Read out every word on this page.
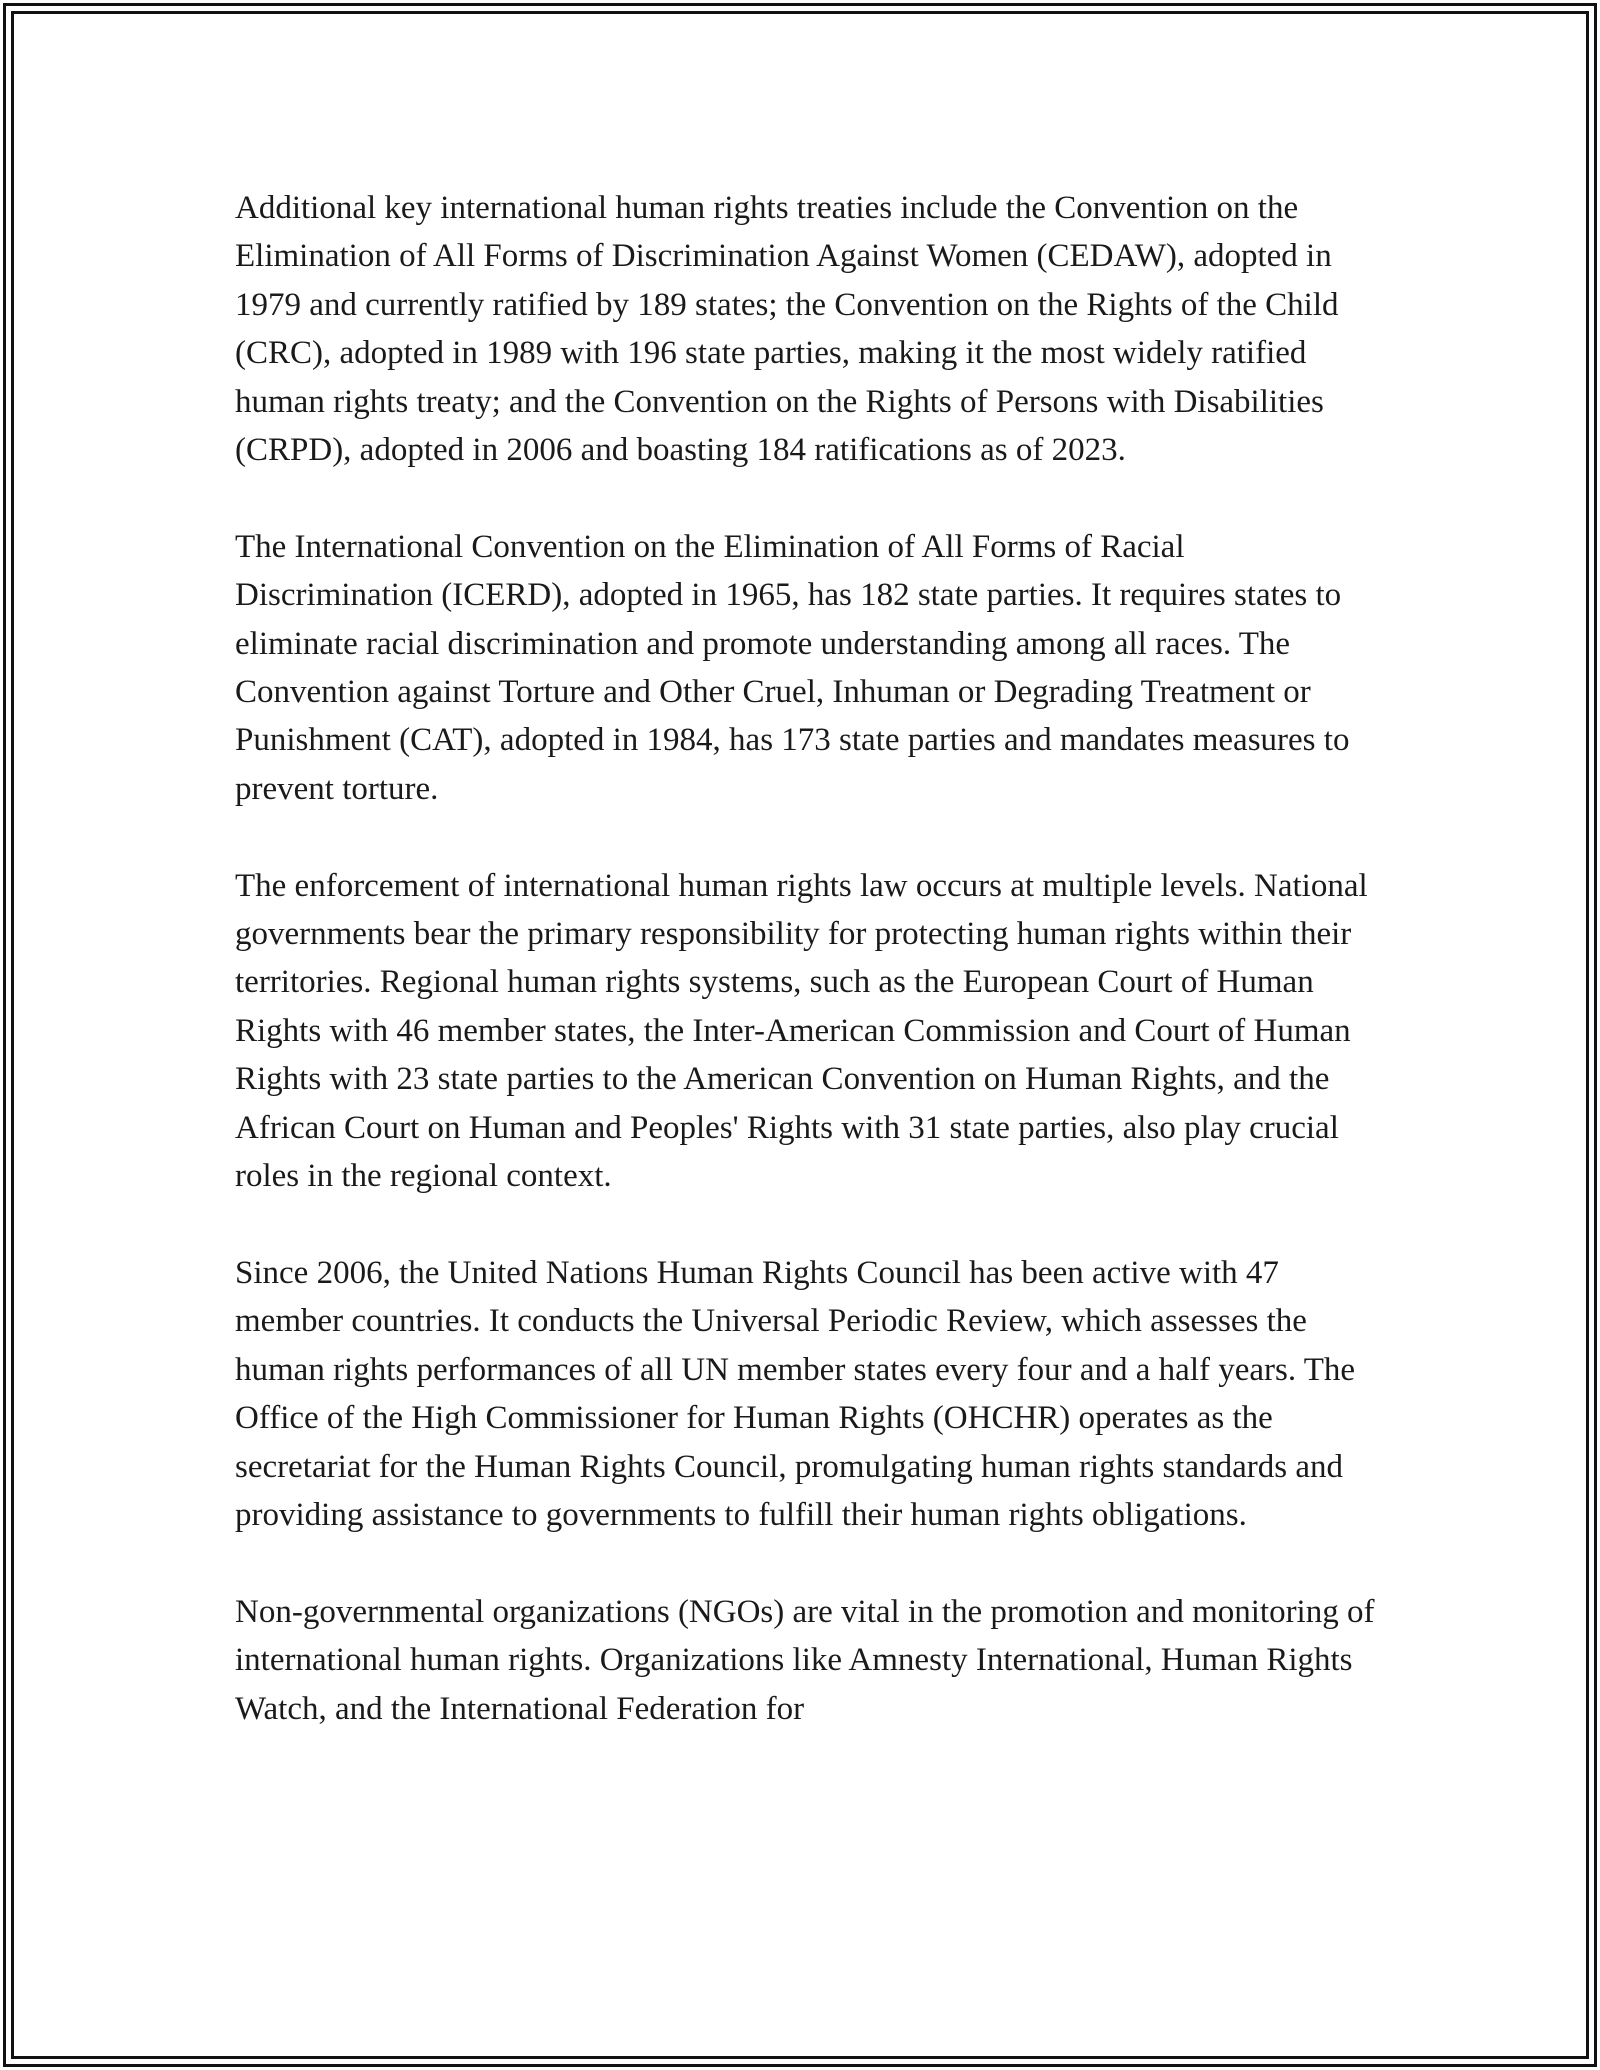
Additional key international human rights treaties include the Convention on the Elimination of All Forms of Discrimination Against Women (CEDAW), adopted in 1979 and currently ratified by 189 states; the Convention on the Rights of the Child (CRC), adopted in 1989 with 196 state parties, making it the most widely ratified human rights treaty; and the Convention on the Rights of Persons with Disabilities (CRPD), adopted in 2006 and boasting 184 ratifications as of 2023.

The International Convention on the Elimination of All Forms of Racial Discrimination (ICERD), adopted in 1965, has 182 state parties. It requires states to eliminate racial discrimination and promote understanding among all races. The Convention against Torture and Other Cruel, Inhuman or Degrading Treatment or Punishment (CAT), adopted in 1984, has 173 state parties and mandates measures to prevent torture.

The enforcement of international human rights law occurs at multiple levels. National governments bear the primary responsibility for protecting human rights within their territories. Regional human rights systems, such as the European Court of Human Rights with 46 member states, the Inter-American Commission and Court of Human Rights with 23 state parties to the American Convention on Human Rights, and the African Court on Human and Peoples' Rights with 31 state parties, also play crucial roles in the regional context.

Since 2006, the United Nations Human Rights Council has been active with 47 member countries. It conducts the Universal Periodic Review, which assesses the human rights performances of all UN member states every four and a half years. The Office of the High Commissioner for Human Rights (OHCHR) operates as the secretariat for the Human Rights Council, promulgating human rights standards and providing assistance to governments to fulfill their human rights obligations.

Non-governmental organizations (NGOs) are vital in the promotion and monitoring of international human rights. Organizations like Amnesty International, Human Rights Watch, and the International Federation for
